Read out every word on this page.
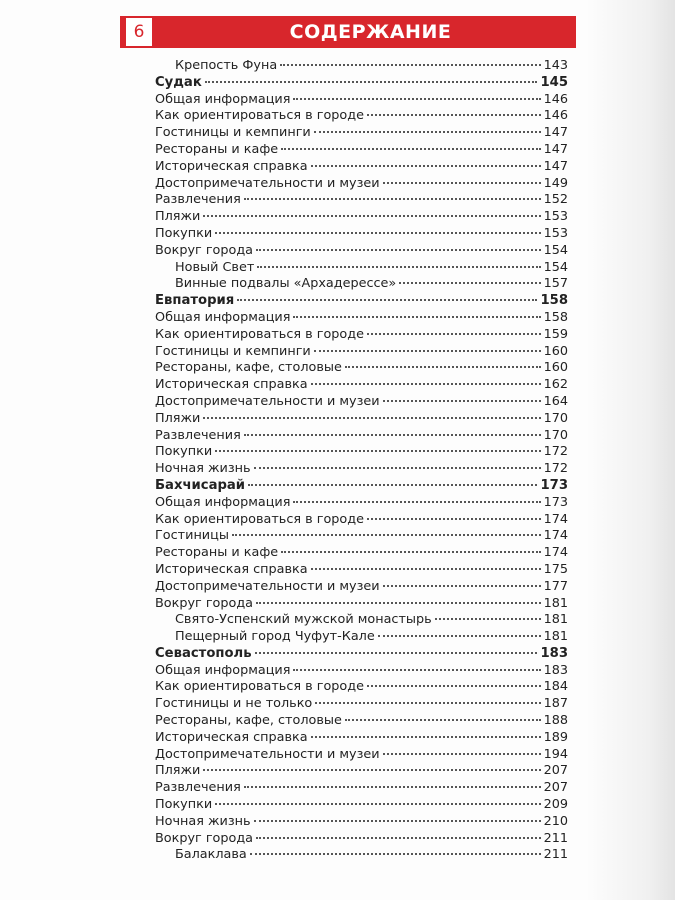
6	СОДЕРЖАНИЕ
Крепость Фуна	143
Судак	145
Общая информация	146
Как ориентироваться в городе	146
Гостиницы и кемпинги	147
Рестораны и кафе	147
Историческая справка	147
Достопримечательности и музеи	149
Развлечения	152
Пляжи	153
Покупки	153
Вокруг города	154
Новый Свет	154
Винные подвалы «Архадерессе»	157
Евпатория	158
Общая информация	158
Как ориентироваться в городе	159
Гостиницы и кемпинги	160
Рестораны, кафе, столовые	160
Историческая справка	162
Достопримечательности и музеи	164
Пляжи	170
Развлечения	170
Покупки	172
Ночная жизнь	172
Бахчисарай	173
Общая информация	173
Как ориентироваться в городе	174
Гостиницы	174
Рестораны и кафе	174
Историческая справка	175
Достопримечательности и музеи	177
Вокруг города	181
Свято-Успенский мужской монастырь	181
Пещерный город Чуфут-Кале	181
Севастополь	183
Общая информация	183
Как ориентироваться в городе	184
Гостиницы и не только	187
Рестораны, кафе, столовые	188
Историческая справка	189
Достопримечательности и музеи	194
Пляжи	207
Развлечения	207
Покупки	209
Ночная жизнь	210
Вокруг города	211
Балаклава	211
